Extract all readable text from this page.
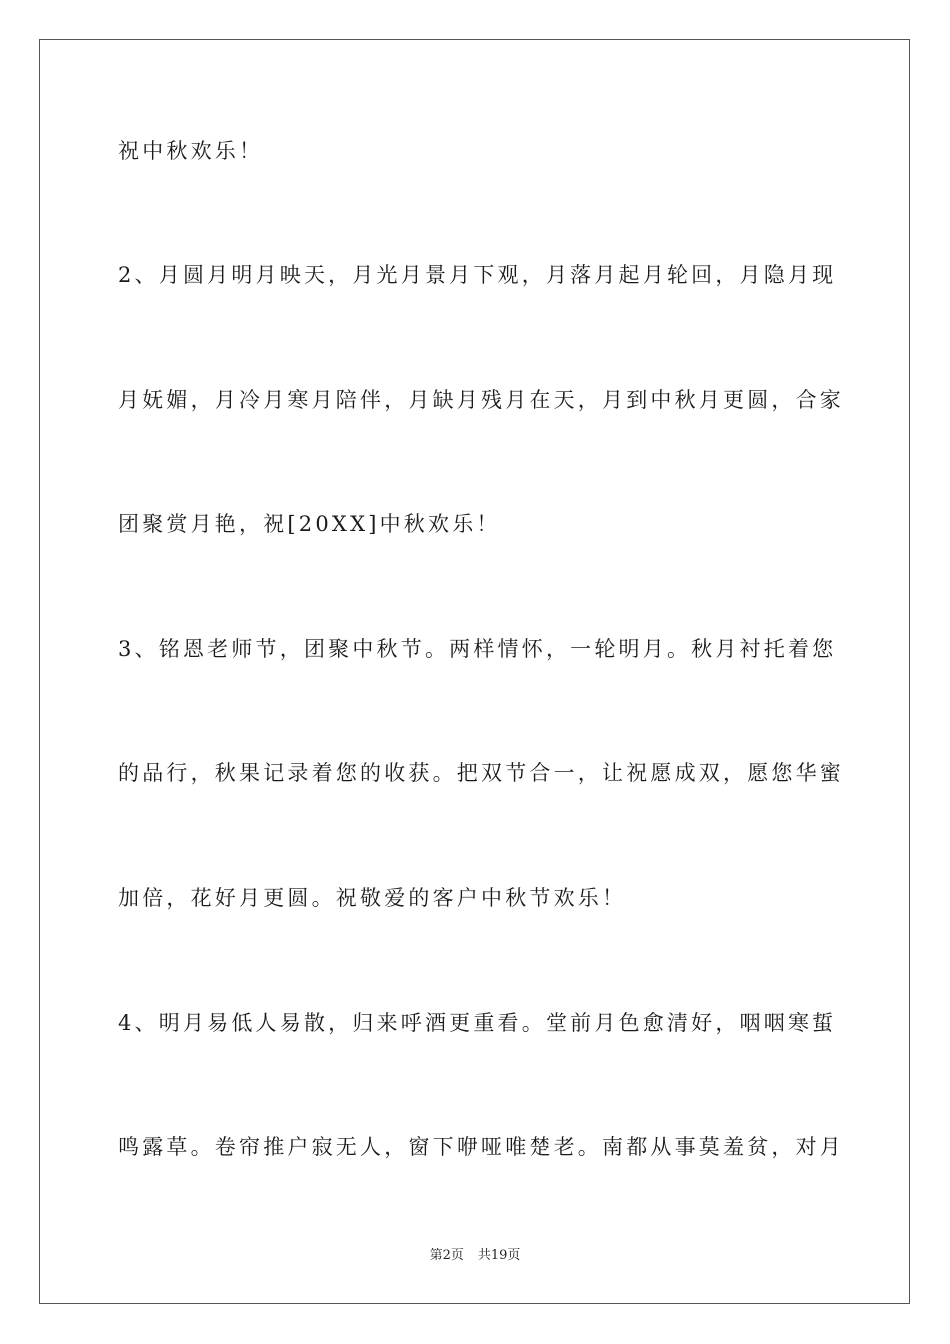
祝中秋欢乐！
2、月圆月明月映天，月光月景月下观，月落月起月轮回，月隐月现
月妩媚，月冷月寒月陪伴，月缺月残月在天，月到中秋月更圆，合家
团聚赏月艳，祝[20XX]中秋欢乐！
3、铭恩老师节，团聚中秋节。两样情怀，一轮明月。秋月衬托着您
的品行，秋果记录着您的收获。把双节合一，让祝愿成双，愿您华蜜
加倍，花好月更圆。祝敬爱的客户中秋节欢乐！
4、明月易低人易散，归来呼酒更重看。堂前月色愈清好，咽咽寒蜇
鸣露草。卷帘推户寂无人，窗下咿哑唯楚老。南都从事莫羞贫，对月
第2页 共19页
